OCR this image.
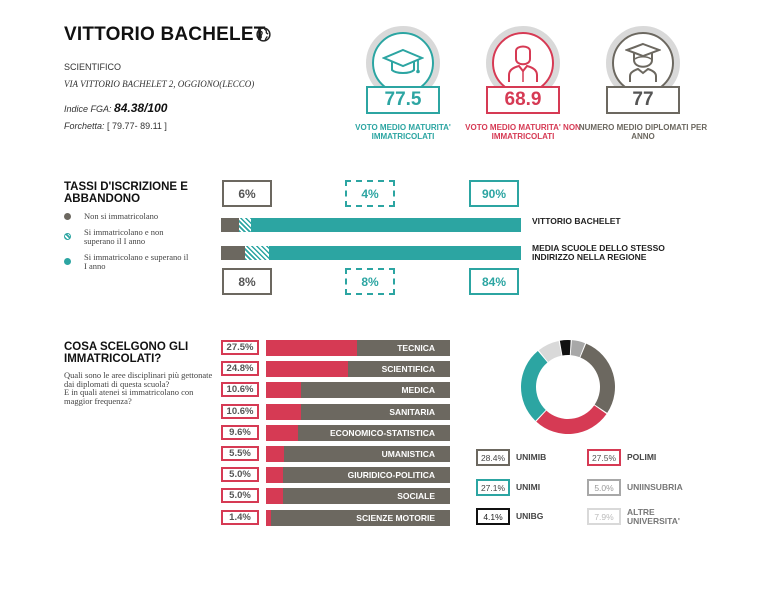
VITTORIO BACHELET
SCIENTIFICO
VIA VITTORIO BACHELET 2, OGGIONO(LECCO)
Indice FGA: 84.38/100
Forchetta: [ 79.77- 89.11 ]
77.5
VOTO MEDIO MATURITA' IMMATRICOLATI
68.9
VOTO MEDIO MATURITA' NON IMMATRICOLATI
77
NUMERO MEDIO DIPLOMATI PER ANNO
TASSI D'ISCRIZIONE E ABBANDONO
Non si immatricolano
Si immatricolano e non superano il I anno
Si immatricolano e superano il I anno
6%	4%	90%
VITTORIO BACHELET
MEDIA SCUOLE DELLO STESSO INDIRIZZO NELLA REGIONE
8%	8%	84%
COSA SCELGONO GLI IMMATRICOLATI?
Quali sono le aree disciplinari più gettonate dai diplomati di questa scuola?
E in quali atenei si immatricolano con maggior frequenza?
27.5%	TECNICA
24.8%	SCIENTIFICA
10.6%	MEDICA
10.6%	SANITARIA
9.6%	ECONOMICO-STATISTICA
5.5%	UMANISTICA
5.0%	GIURIDICO-POLITICA
5.0%	SOCIALE
1.4%	SCIENZE MOTORIE
28.4%	UNIMIB	27.5%	POLIMI
27.1%	UNIMI	5.0%	UNIINSUBRIA
4.1%	UNIBG	7.9%	ALTRE UNIVERSITA'
